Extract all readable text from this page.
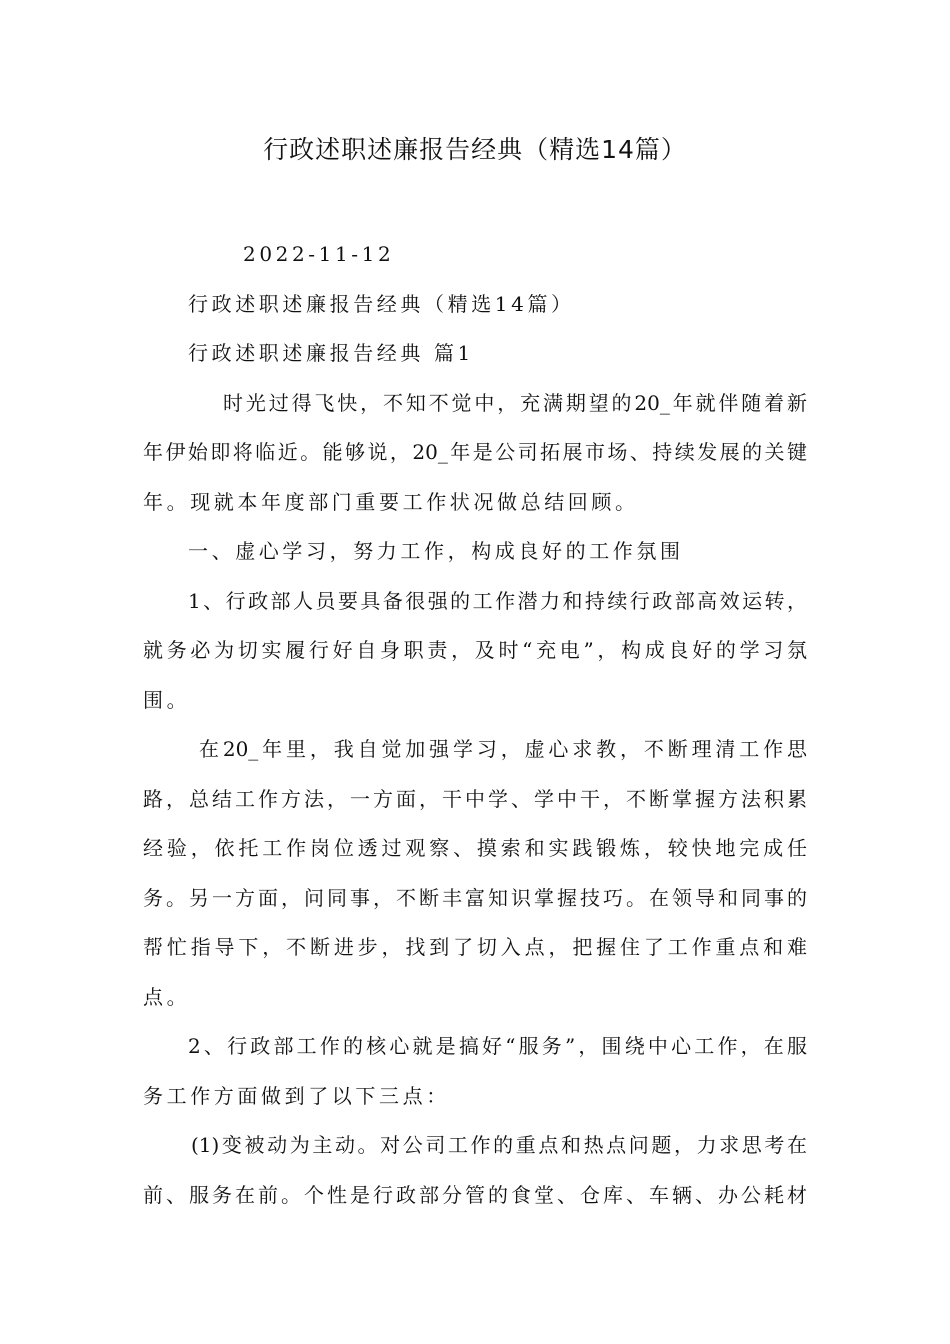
行政述职述廉报告经典（精选14篇）
2022-11-12
行政述职述廉报告经典（精选14篇）
行政述职述廉报告经典 篇1
时光过得飞快，不知不觉中，充满期望的20_年就伴随着新
年伊始即将临近。能够说，20_年是公司拓展市场、持续发展的关键
年。现就本年度部门重要工作状况做总结回顾。
一、虚心学习，努力工作，构成良好的工作氛围
1、行政部人员要具备很强的工作潜力和持续行政部高效运转，
就务必为切实履行好自身职责，及时“充电”，构成良好的学习氛
围。
在20_年里，我自觉加强学习，虚心求教，不断理清工作思
路，总结工作方法，一方面，干中学、学中干，不断掌握方法积累
经验，依托工作岗位透过观察、摸索和实践锻炼，较快地完成任
务。另一方面，问同事，不断丰富知识掌握技巧。在领导和同事的
帮忙指导下，不断进步，找到了切入点，把握住了工作重点和难
点。
2、行政部工作的核心就是搞好“服务”，围绕中心工作，在服
务工作方面做到了以下三点：
(1)变被动为主动。对公司工作的重点和热点问题，力求思考在
前、服务在前。个性是行政部分管的食堂、仓库、车辆、办公耗材
